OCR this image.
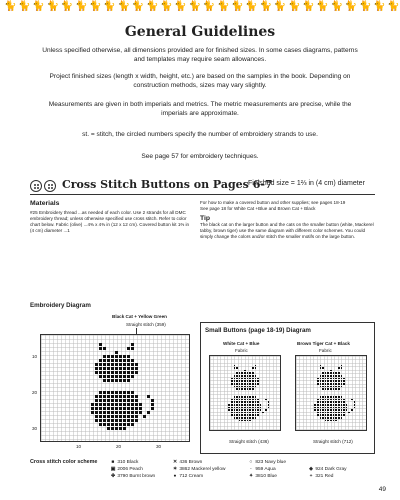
🐈 🐈 🐈 🐈 🐈 🐈 🐈 🐈 🐈 🐈 🐈 🐈 🐈 🐈 🐈 🐈 🐈 🐈 🐈 🐈 🐈 🐈 🐈 🐈 🐈 🐈 🐈 🐈
General Guidelines
Unless specified otherwise, all dimensions provided are for finished sizes. In some cases diagrams, patterns and templates may require seam allowances.
Project finished sizes (length x width, height, etc.) are based on the samples in the book. Depending on construction methods, sizes may vary slightly.
Measurements are given in both imperials and metrics. The metric measurements are precise, while the imperials are approximate.
st. = stitch, the circled numbers specify the number of embroidery strands to use.
See page 57 for embroidery techniques.
Cross Stitch Buttons on Pages 6-7
Finished size = 1⅔ in (4 cm) diameter
Materials
#25 Embroidery thread ...as needed of each color. Use 2 strands for all DMC embroidery thread; unless otherwise specified use cross stitch. Refer to color chart below. Fabric (olive) ...4⅜ x 4⅜ in (12 x 12 cm). Covered button kit 1⅔ in (4 cm) diameter ...1
For how to make a covered button and other supplies; see pages 18-19
See page 18 for White Cat +Blue and Brown Cat + Black
Tip
The black cat on the larger button and the cats on the smaller button (white, Mackerel tabby, brown tiger) use the same diagram with different color schemes. You could simply change the colors and/or stitch the smaller motifs on the large button.
Embroidery Diagram
Black Cat + Yellow Green
Straight stitch (359)
10
20
30
10	20	30
Small Buttons (page 18-19) Diagram
White Cat + Blue
Fabric
Brown Tiger Cat + Black
Fabric
Straight stitch (436)	Straight stitch (712)
Cross stitch color scheme	■ 310 Black
▣ 2006 Peach
✤ 3790 Burnt brown
✕ 436 Brown
✶ 3862 Mackerel yellow
● 712 Cream
○ 823 Navy blue
· 959 Aqua
✦ 3810 Blue
◈ 924 Dark Gray
+ 321 Red
49
